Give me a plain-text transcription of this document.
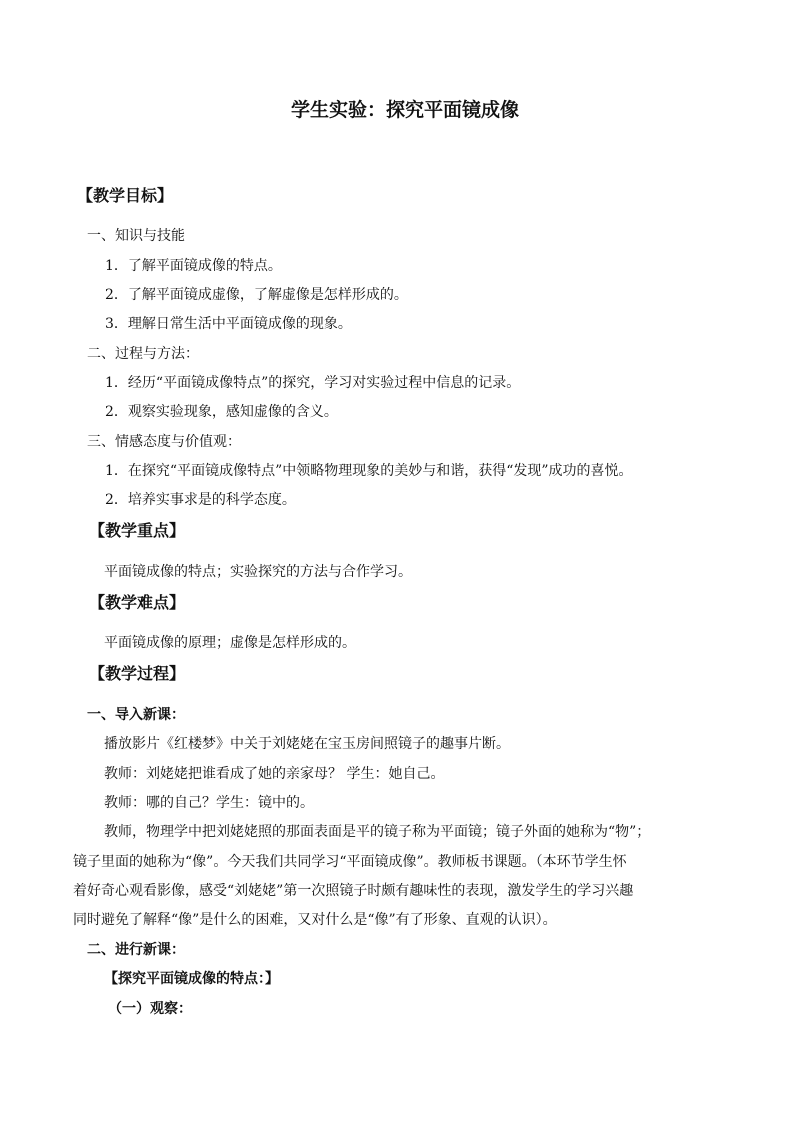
学生实验：探究平面镜成像
【教学目标】
一、知识与技能
1．了解平面镜成像的特点。
2．了解平面镜成虚像，了解虚像是怎样形成的。
3．理解日常生活中平面镜成像的现象。
二、过程与方法：
1．经历“平面镜成像特点”的探究，学习对实验过程中信息的记录。
2．观察实验现象，感知虚像的含义。
三、情感态度与价值观：
1．在探究“平面镜成像特点”中领略物理现象的美妙与和谐，获得“发现”成功的喜悦。
2．培养实事求是的科学态度。
【教学重点】
平面镜成像的特点；实验探究的方法与合作学习。
【教学难点】
平面镜成像的原理；虚像是怎样形成的。
【教学过程】
一、导入新课：
播放影片《红楼梦》中关于刘姥姥在宝玉房间照镜子的趣事片断。
教师：刘姥姥把谁看成了她的亲家母？ 学生：她自己。
教师：哪的自己？学生：镜中的。
教师，物理学中把刘姥姥照的那面表面是平的镜子称为平面镜；镜子外面的她称为“物”；
镜子里面的她称为“像”。今天我们共同学习“平面镜成像”。教师板书课题。（本环节学生怀
着好奇心观看影像，感受“刘姥姥”第一次照镜子时颇有趣味性的表现，激发学生的学习兴趣
同时避免了解释“像”是什么的困难，又对什么是“像”有了形象、直观的认识）。
二、进行新课：
【探究平面镜成像的特点：】
（一）观察：
